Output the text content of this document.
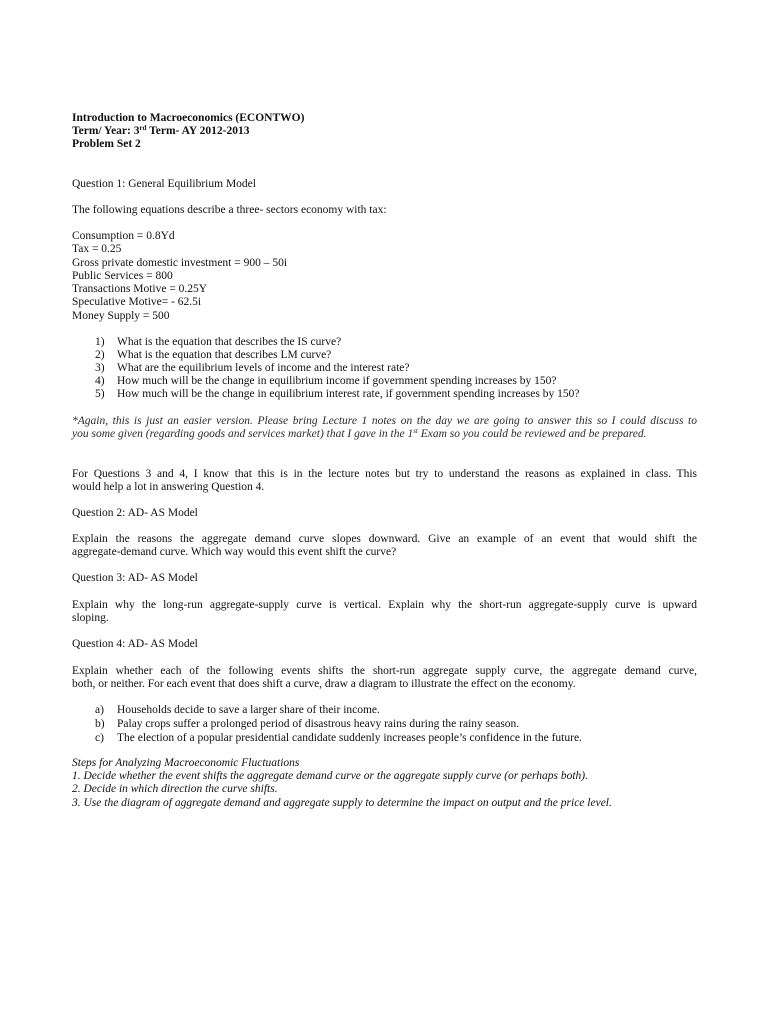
Introduction to Macroeconomics (ECONTWO)
Term/ Year: 3rd Term- AY 2012-2013
Problem Set 2
Question 1: General Equilibrium Model
The following equations describe a three- sectors economy with tax:
Consumption = 0.8Yd
Tax = 0.25
Gross private domestic investment = 900 – 50i
Public Services = 800
Transactions Motive = 0.25Y
Speculative Motive= - 62.5i
Money Supply = 500
1) What is the equation that describes the IS curve?
2) What is the equation that describes LM curve?
3) What are the equilibrium levels of income and the interest rate?
4) How much will be the change in equilibrium income if government spending increases by 150?
5) How much will be the change in equilibrium interest rate, if government spending increases by 150?
*Again, this is just an easier version. Please bring Lecture 1 notes on the day we are going to answer this so I could discuss to
you some given (regarding goods and services market) that I gave in the 1st Exam so you could be reviewed and be prepared.
For Questions 3 and 4, I know that this is in the lecture notes but try to understand the reasons as explained in class. This
would help a lot in answering Question 4.
Question 2: AD- AS Model
Explain the reasons the aggregate demand curve slopes downward. Give an example of an event that would shift the
aggregate-demand curve. Which way would this event shift the curve?
Question 3: AD- AS Model
Explain why the long-run aggregate-supply curve is vertical. Explain why the short-run aggregate-supply curve is upward
sloping.
Question 4: AD- AS Model
Explain whether each of the following events shifts the short-run aggregate supply curve, the aggregate demand curve,
both, or neither. For each event that does shift a curve, draw a diagram to illustrate the effect on the economy.
a) Households decide to save a larger share of their income.
b) Palay crops suffer a prolonged period of disastrous heavy rains during the rainy season.
c) The election of a popular presidential candidate suddenly increases people’s confidence in the future.
Steps for Analyzing Macroeconomic Fluctuations
1. Decide whether the event shifts the aggregate demand curve or the aggregate supply curve (or perhaps both).
2. Decide in which direction the curve shifts.
3. Use the diagram of aggregate demand and aggregate supply to determine the impact on output and the price level.
